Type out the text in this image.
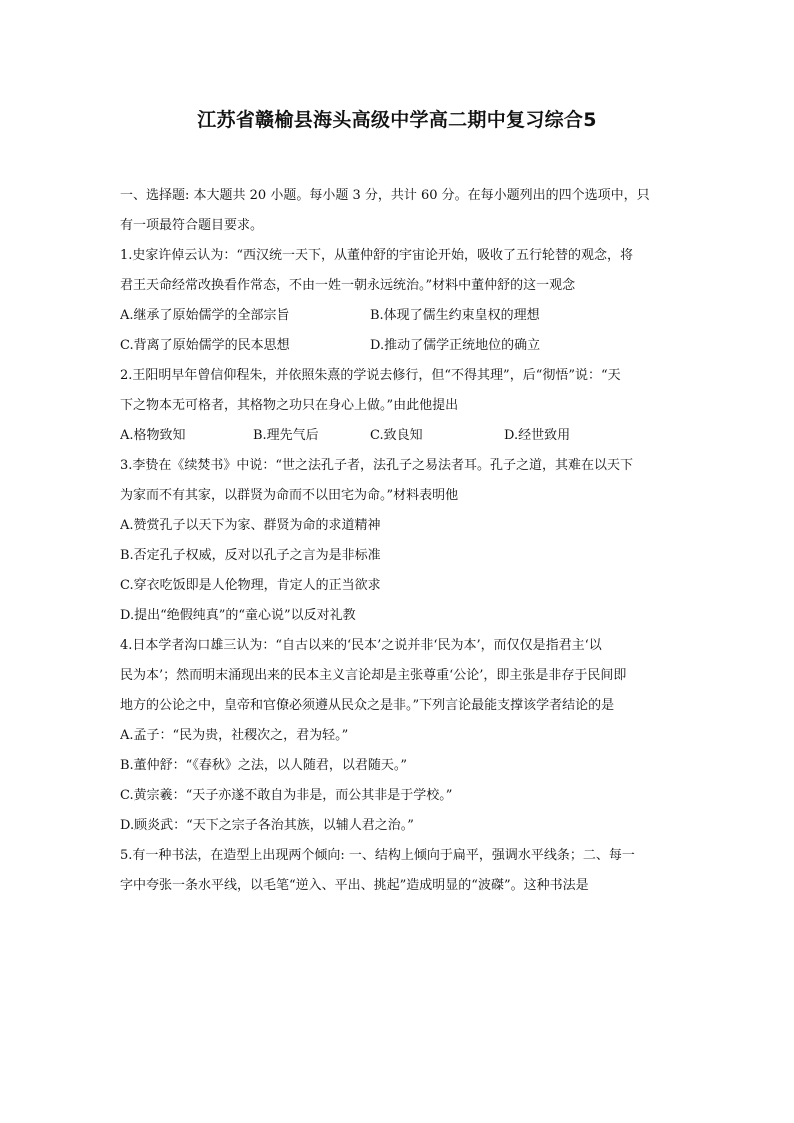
江苏省赣榆县海头高级中学高二期中复习综合5
一、选择题: 本大题共 20 小题。每小题 3 分，共计 60 分。在每小题列出的四个选项中，只
有一项最符合题目要求。
1.史家许倬云认为：“西汉统一天下，从董仲舒的宇宙论开始，吸收了五行轮替的观念，将
君王天命经常改换看作常态，不由一姓一朝永远统治。”材料中董仲舒的这一观念
A.继承了原始儒学的全部宗旨	B.体现了儒生约束皇权的理想
C.背离了原始儒学的民本思想	D.推动了儒学正统地位的确立
2.王阳明早年曾信仰程朱，并依照朱熹的学说去修行，但“不得其理”，后“彻悟”说：“天
下之物本无可格者，其格物之功只在身心上做。”由此他提出
A.格物致知	B.理先气后	C.致良知	D.经世致用
3.李贽在《续焚书》中说：“世之法孔子者，法孔子之易法者耳。孔子之道，其难在以天下
为家而不有其家，以群贤为命而不以田宅为命。”材料表明他
A.赞赏孔子以天下为家、群贤为命的求道精神
B.否定孔子权威，反对以孔子之言为是非标准
C.穿衣吃饭即是人伦物理，肯定人的正当欲求
D.提出“绝假纯真”的“童心说”以反对礼教
4.日本学者沟口雄三认为：“自古以来的‘民本’之说并非‘民为本’，而仅仅是指君主‘以
民为本’；然而明末涌现出来的民本主义言论却是主张尊重‘公论’，即主张是非存于民间即
地方的公论之中，皇帝和官僚必须遵从民众之是非。”下列言论最能支撑该学者结论的是
A.孟子：“民为贵，社稷次之，君为轻。”
B.董仲舒：“《春秋》之法，以人随君，以君随天。”
C.黄宗羲：“天子亦遂不敢自为非是，而公其非是于学校。”
D.顾炎武：“天下之宗子各治其族，以辅人君之治。”
5.有一种书法，在造型上出现两个倾向: 一、结构上倾向于扁平，强调水平线条；二、每一
字中夸张一条水平线，以毛笔“逆入、平出、挑起”造成明显的“波磔”。这种书法是
